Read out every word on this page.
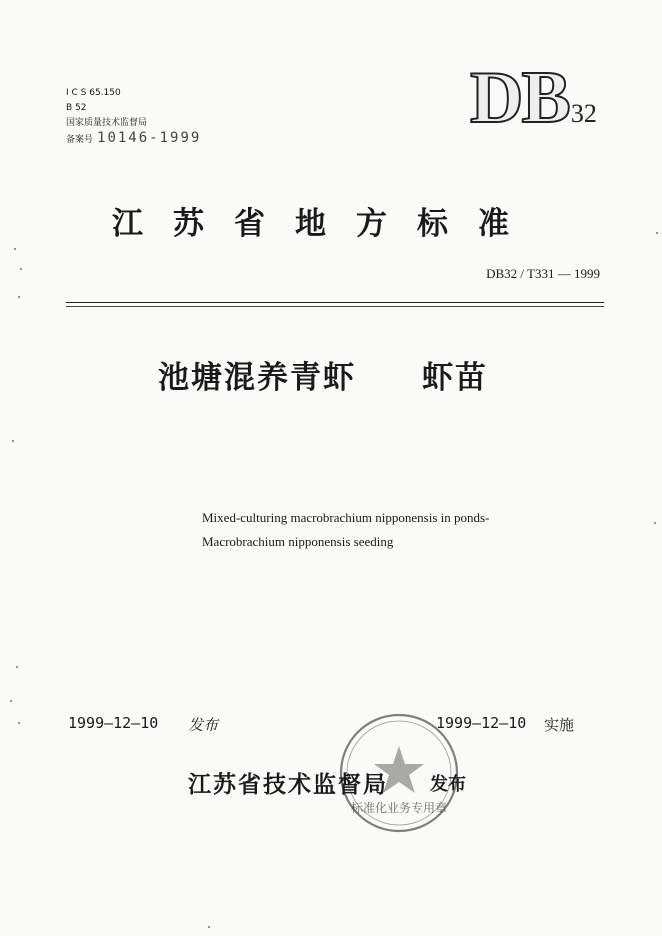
I C S 65.150
B 52
国家质量技术监督局
备案号 10146-1999	DB32
江苏省地方标准
DB32 / T331 — 1999
池塘混养青虾　　虾苗
Mixed-culturing macrobrachium nipponensis in ponds-
Macrobrachium nipponensis seeding
1999—12—10 发布	1999—12—10 实施
标准化业务专用章
江苏省技术监督局 发布
